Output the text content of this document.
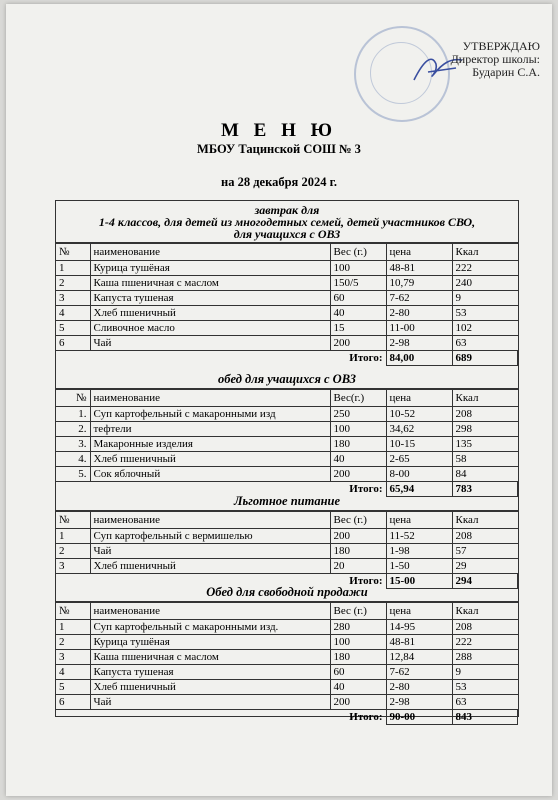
УТВЕРЖДАЮ
Директор школы:
Бударин С.А.
М Е Н Ю
МБОУ Тацинской СОШ № 3
на 28 декабря 2024 г.
завтрак для
1-4 классов, для детей из многодетных семей, детей участников СВО,
для учащихся с ОВЗ
№	наименование	Вес (г.)	цена	Ккал
1	Курица тушёная	100	48-81	222
2	Каша пшеничная с маслом	150/5	10,79	240
3	Капуста тушеная	60	7-62	9
4	Хлеб пшеничный	40	2-80	53
5	Сливочное масло	15	11-00	102
6	Чай	200	2-98	63
		Итого:	84,00	689
обед для учащихся с ОВЗ
№	наименование	Вес(г.)	цена	Ккал
1.	Суп картофельный с макаронными изд	250	10-52	208
2.	тефтели	100	34,62	298
3.	Макаронные изделия	180	10-15	135
4.	Хлеб пшеничный	40	2-65	58
5.	Сок яблочный	200	8-00	84
		Итого:	65,94	783
Льготное питание
№	наименование	Вес (г.)	цена	Ккал
1	Суп картофельный с вермишелью	200	11-52	208
2	Чай	180	1-98	57
3	Хлеб пшеничный	20	1-50	29
		Итого:	15-00	294
Обед для свободной продажи
№	наименование	Вес (г.)	цена	Ккал
1	Суп картофельный с макаронными изд.	280	14-95	208
2	Курица тушёная	100	48-81	222
3	Каша пшеничная с маслом	180	12,84	288
4	Капуста тушеная	60	7-62	9
5	Хлеб пшеничный	40	2-80	53
6	Чай	200	2-98	63
		Итого:	90-00	843
